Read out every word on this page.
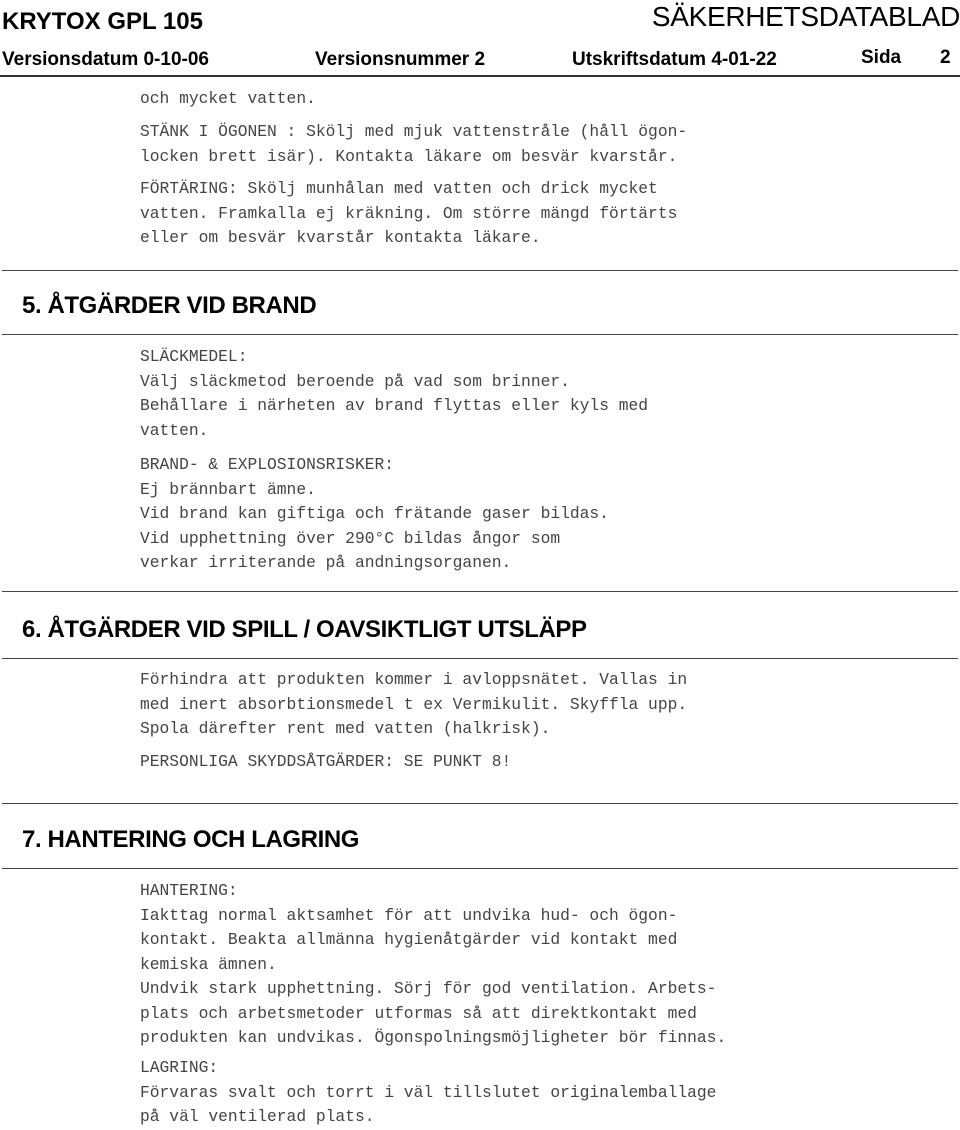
KRYTOX GPL 105	SÄKERHETSDATABLAD
Versionsdatum 0-10-06	Versionsnummer 2	Utskriftsdatum 4-01-22	Sida 2
och mycket vatten.
STÄNK I ÖGONEN : Skölj med mjuk vattenstråle (håll ögon-
locken brett isär). Kontakta läkare om besvär kvarstår.
FÖRTÄRING: Skölj munhålan med vatten och drick mycket
vatten. Framkalla ej kräkning. Om större mängd förtärts
eller om besvär kvarstår kontakta läkare.
5. ÅTGÄRDER VID BRAND
SLÄCKMEDEL:
Välj släckmetod beroende på vad som brinner.
Behållare i närheten av brand flyttas eller kyls med
vatten.
BRAND- & EXPLOSIONSRISKER:
Ej brännbart ämne.
Vid brand kan giftiga och frätande gaser bildas.
Vid upphettning över 290°C bildas ångor som
verkar irriterande på andningsorganen.
6. ÅTGÄRDER VID SPILL / OAVSIKTLIGT UTSLÄPP
Förhindra att produkten kommer i avloppsnätet. Vallas in
med inert absorbtionsmedel t ex Vermikulit. Skyffla upp.
Spola därefter rent med vatten (halkrisk).
PERSONLIGA SKYDDSÅTGÄRDER: SE PUNKT 8!
7. HANTERING OCH LAGRING
HANTERING:
Iakttag normal aktsamhet för att undvika hud- och ögon-
kontakt. Beakta allmänna hygienåtgärder vid kontakt med
kemiska ämnen.
Undvik stark upphettning. Sörj för god ventilation. Arbets-
plats och arbetsmetoder utformas så att direktkontakt med
produkten kan undvikas. Ögonspolningsmöjligheter bör finnas.
LAGRING:
Förvaras svalt och torrt i väl tillslutet originalemballage
på väl ventilerad plats.
